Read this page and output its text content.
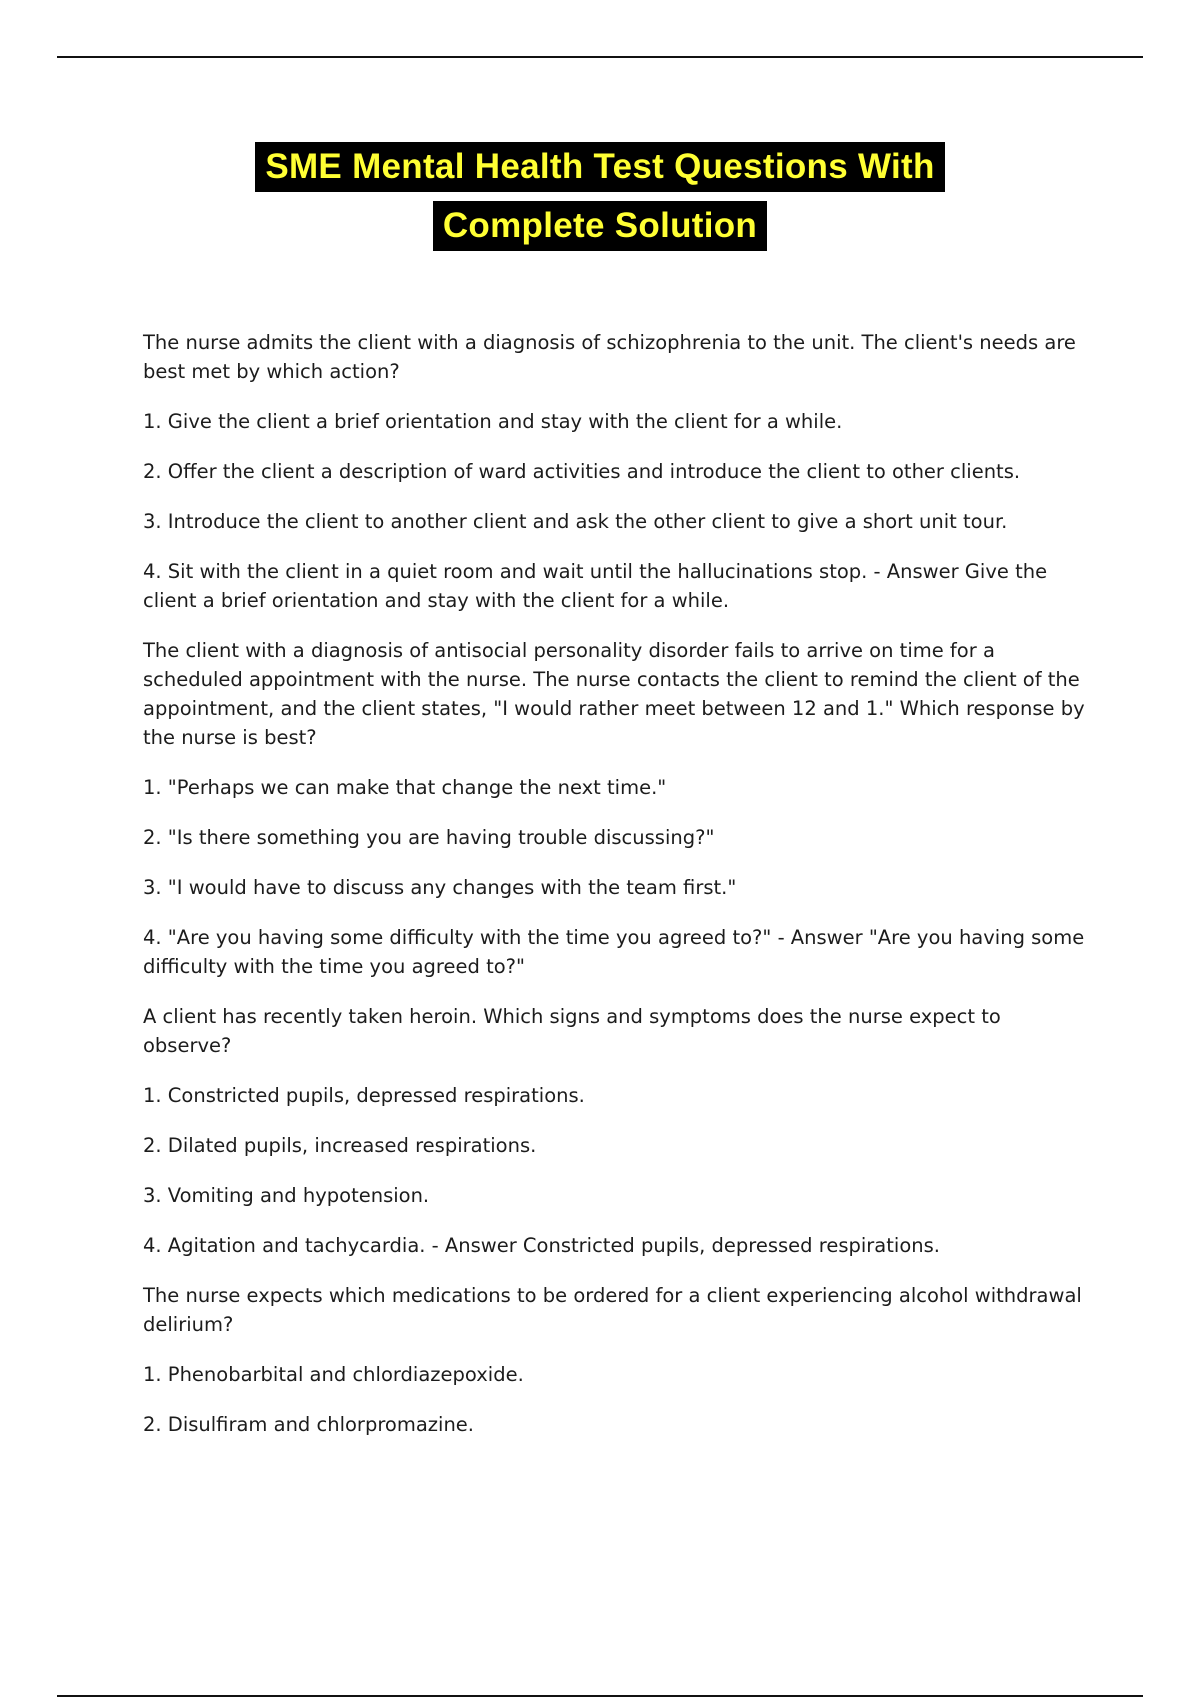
SME Mental Health Test Questions With
Complete Solution

The nurse admits the client with a diagnosis of schizophrenia to the unit. The client's needs are best met by which action?

1. Give the client a brief orientation and stay with the client for a while.

2. Offer the client a description of ward activities and introduce the client to other clients.

3. Introduce the client to another client and ask the other client to give a short unit tour.

4. Sit with the client in a quiet room and wait until the hallucinations stop. - Answer Give the client a brief orientation and stay with the client for a while.

The client with a diagnosis of antisocial personality disorder fails to arrive on time for a scheduled appointment with the nurse. The nurse contacts the client to remind the client of the appointment, and the client states, "I would rather meet between 12 and 1." Which response by the nurse is best?

1. "Perhaps we can make that change the next time."

2. "Is there something you are having trouble discussing?"

3. "I would have to discuss any changes with the team first."

4. "Are you having some difficulty with the time you agreed to?" - Answer "Are you having some difficulty with the time you agreed to?"

A client has recently taken heroin. Which signs and symptoms does the nurse expect to observe?

1. Constricted pupils, depressed respirations.

2. Dilated pupils, increased respirations.

3. Vomiting and hypotension.

4. Agitation and tachycardia. - Answer Constricted pupils, depressed respirations.

The nurse expects which medications to be ordered for a client experiencing alcohol withdrawal delirium?

1. Phenobarbital and chlordiazepoxide.

2. Disulfiram and chlorpromazine.
